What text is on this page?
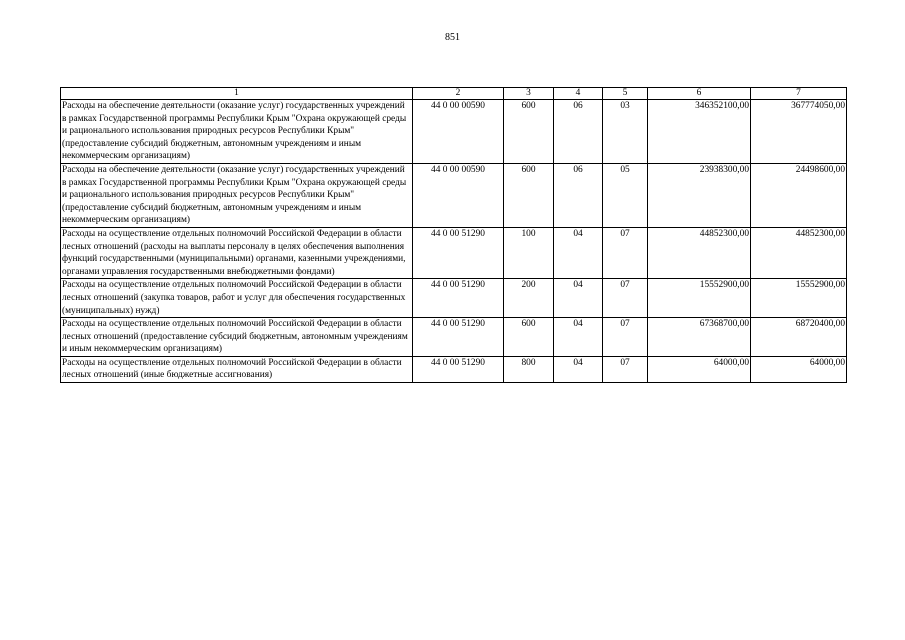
851
1	2	3	4	5	6	7
Расходы на обеспечение деятельности (оказание услуг) государственных учреждений в рамках Государственной программы Республики Крым "Охрана окружающей среды и рационального использования природных ресурсов Республики Крым" (предоставление субсидий бюджетным, автономным учреждениям и иным некоммерческим организациям)	44 0 00 00590	600	06	03	346352100,00	367774050,00
Расходы на обеспечение деятельности (оказание услуг) государственных учреждений в рамках Государственной программы Республики Крым "Охрана окружающей среды и рационального использования природных ресурсов Республики Крым" (предоставление субсидий бюджетным, автономным учреждениям и иным некоммерческим организациям)	44 0 00 00590	600	06	05	23938300,00	24498600,00
Расходы на осуществление отдельных полномочий Российской Федерации в области лесных отношений (расходы на выплаты персоналу в целях обеспечения выполнения функций государственными (муниципальными) органами, казенными учреждениями, органами управления государственными внебюджетными фондами)	44 0 00 51290	100	04	07	44852300,00	44852300,00
Расходы на осуществление отдельных полномочий Российской Федерации в области лесных отношений (закупка товаров, работ и услуг для обеспечения государственных (муниципальных) нужд)	44 0 00 51290	200	04	07	15552900,00	15552900,00
Расходы на осуществление отдельных полномочий Российской Федерации в области лесных отношений (предоставление субсидий бюджетным, автономным учреждениям и иным некоммерческим организациям)	44 0 00 51290	600	04	07	67368700,00	68720400,00
Расходы на осуществление отдельных полномочий Российской Федерации в области лесных отношений (иные бюджетные ассигнования)	44 0 00 51290	800	04	07	64000,00	64000,00
